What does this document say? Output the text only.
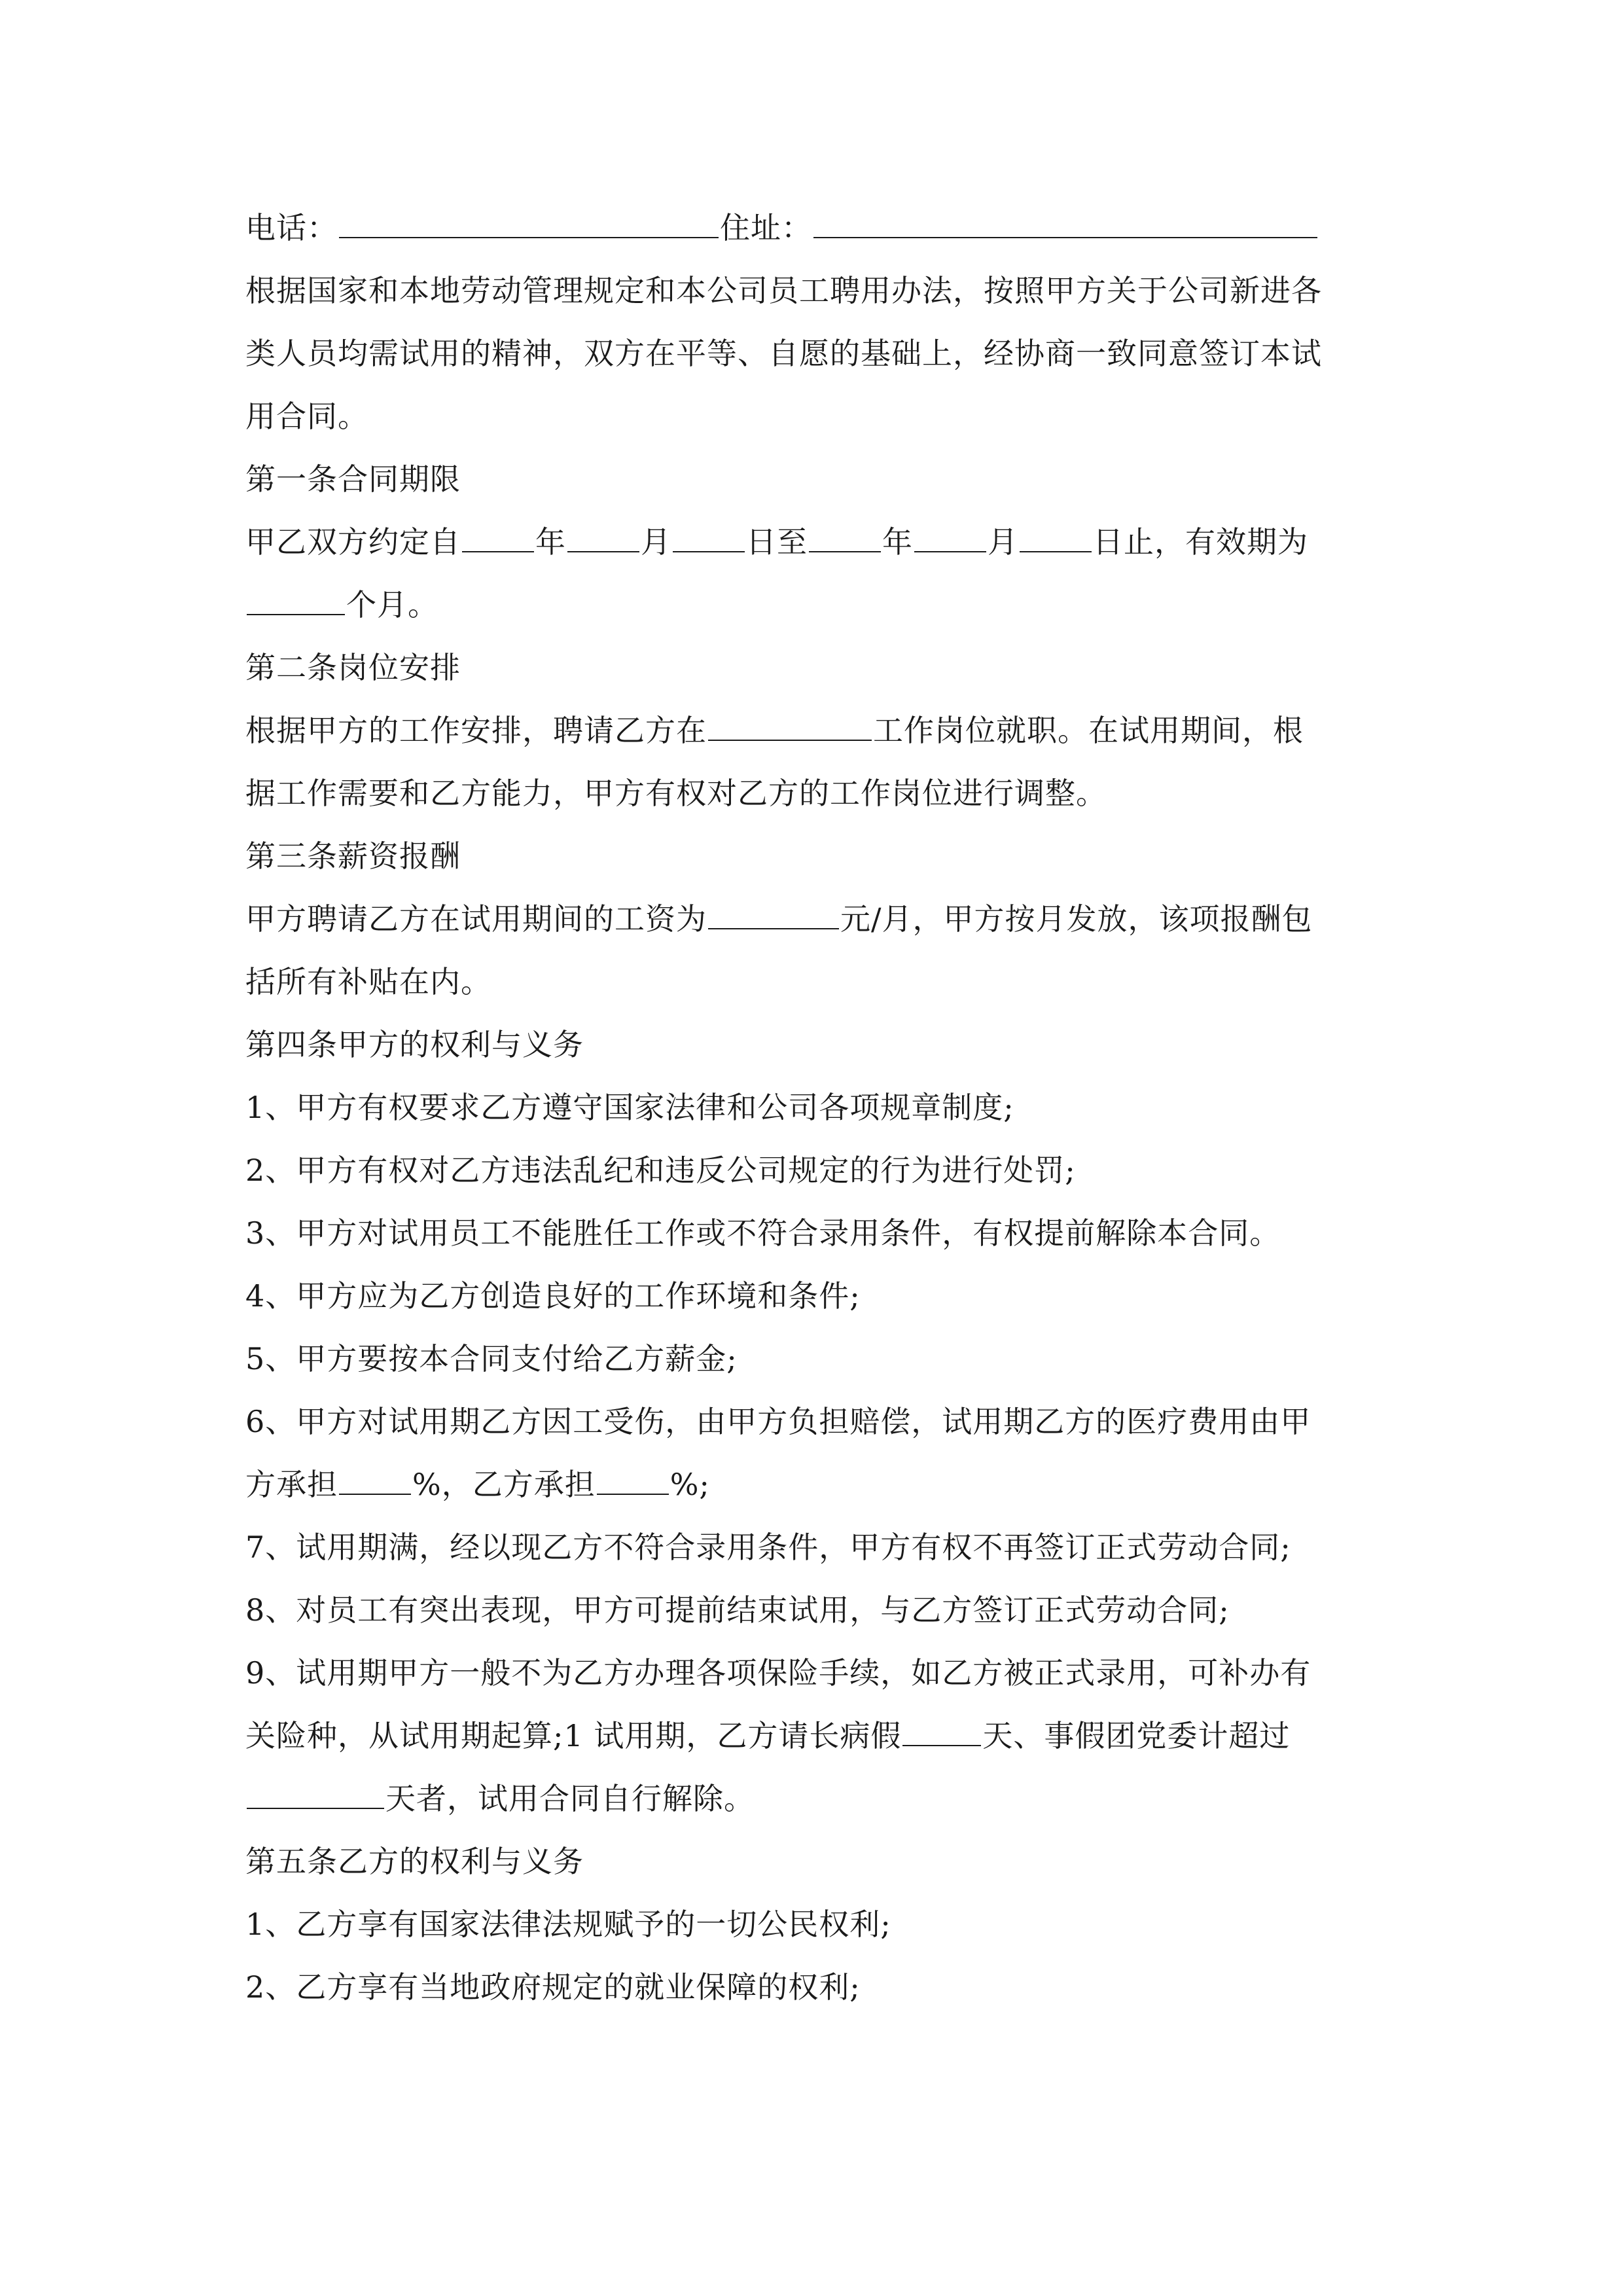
电话：	住址：
根据国家和本地劳动管理规定和本公司员工聘用办法，按照甲方关于公司新进各
类人员均需试用的精神，双方在平等、自愿的基础上，经协商一致同意签订本试
用合同。
第一条合同期限
甲乙双方约定自 年 月 日至 年 月 日止，有效期为
个月。
第二条岗位安排
根据甲方的工作安排，聘请乙方在	工作岗位就职。在试用期间，根
据工作需要和乙方能力，甲方有权对乙方的工作岗位进行调整。
第三条薪资报酬
甲方聘请乙方在试用期间的工资为	元/月，甲方按月发放，该项报酬包
括所有补贴在内。
第四条甲方的权利与义务
1、甲方有权要求乙方遵守国家法律和公司各项规章制度;
2、甲方有权对乙方违法乱纪和违反公司规定的行为进行处罚;
3、甲方对试用员工不能胜任工作或不符合录用条件，有权提前解除本合同。
4、甲方应为乙方创造良好的工作环境和条件;
5、甲方要按本合同支付给乙方薪金;
6、甲方对试用期乙方因工受伤，由甲方负担赔偿，试用期乙方的医疗费用由甲
方承担 %，乙方承担 %;
7、试用期满，经以现乙方不符合录用条件，甲方有权不再签订正式劳动合同;
8、对员工有突出表现，甲方可提前结束试用，与乙方签订正式劳动合同;
9、试用期甲方一般不为乙方办理各项保险手续，如乙方被正式录用，可补办有
关险种，从试用期起算;1 试用期，乙方请长病假	天、事假团党委计超过
天者，试用合同自行解除。
第五条乙方的权利与义务
1、乙方享有国家法律法规赋予的一切公民权利;
2、乙方享有当地政府规定的就业保障的权利;
